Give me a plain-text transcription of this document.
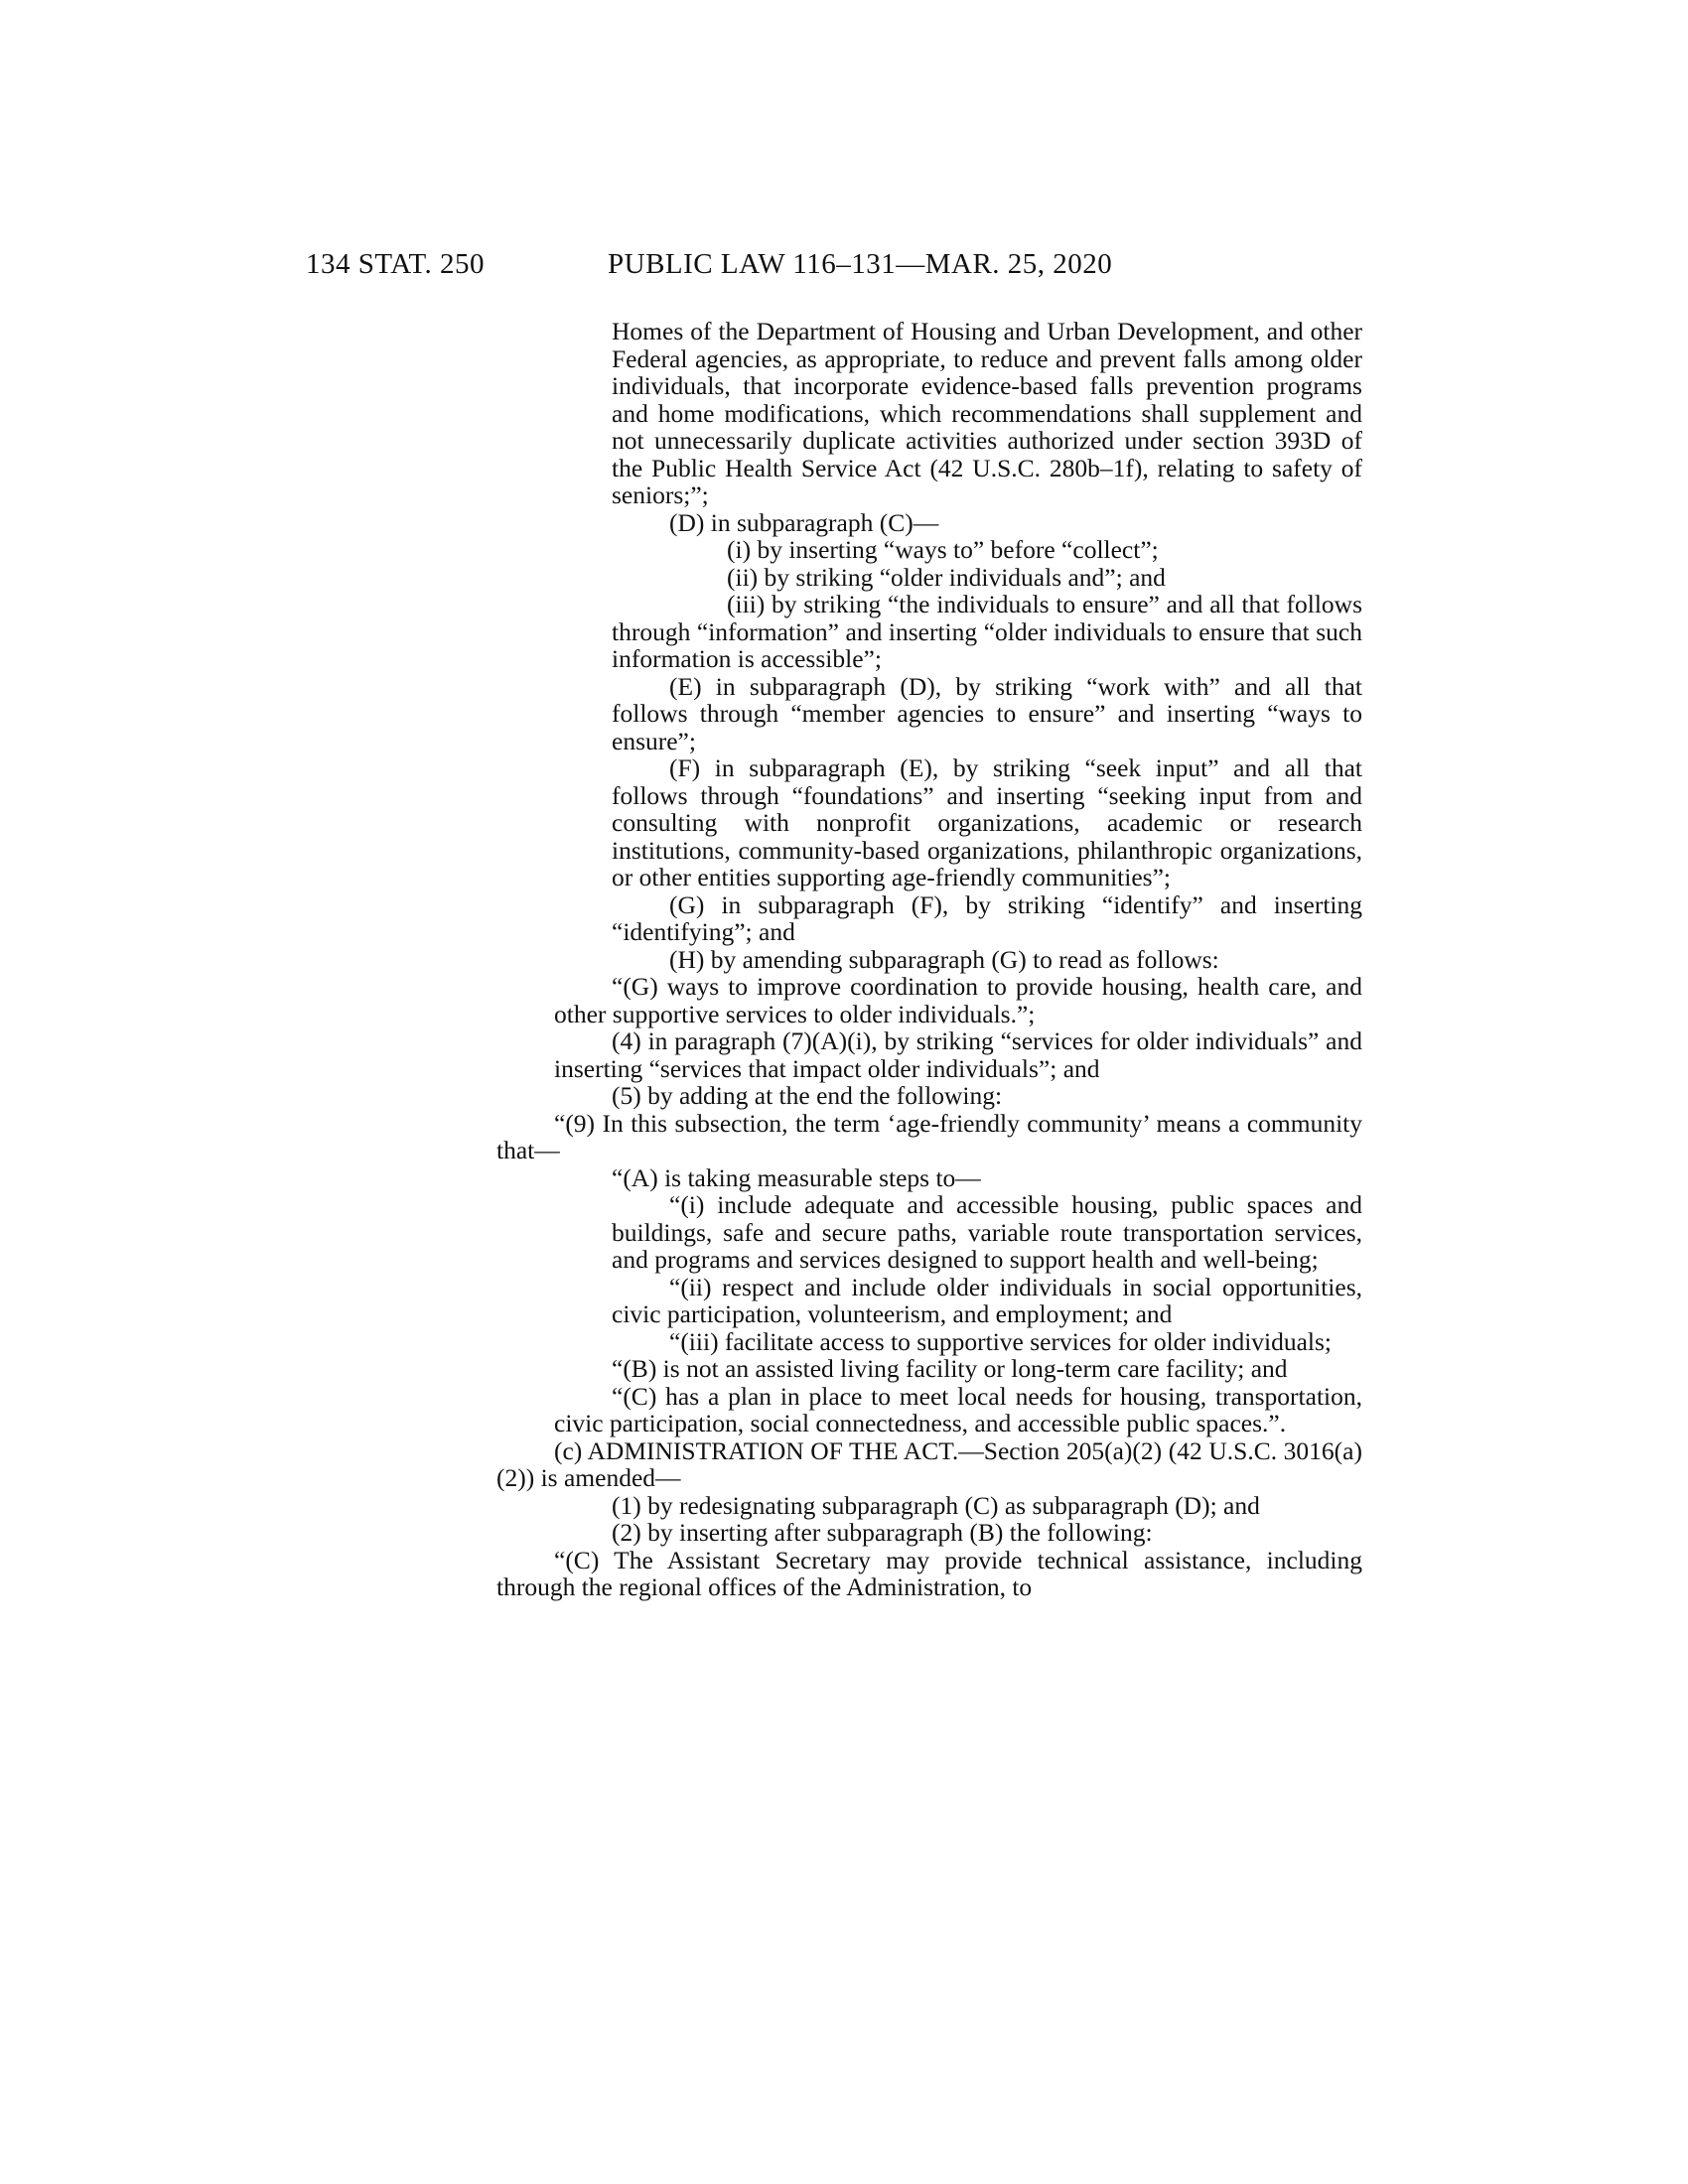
134 STAT. 250	PUBLIC LAW 116–131—MAR. 25, 2020

Homes of the Department of Housing and Urban Development, and other Federal agencies, as appropriate, to reduce and prevent falls among older individuals, that incorporate evidence-based falls prevention programs and home modifications, which recommendations shall supplement and not unnecessarily duplicate activities authorized under section 393D of the Public Health Service Act (42 U.S.C. 280b–1f), relating to safety of seniors;”;

(D) in subparagraph (C)—

(i) by inserting “ways to” before “collect”;

(ii) by striking “older individuals and”; and

(iii) by striking “the individuals to ensure” and all that follows through “information” and inserting “older individuals to ensure that such information is accessible”;

(E) in subparagraph (D), by striking “work with” and all that follows through “member agencies to ensure” and inserting “ways to ensure”;

(F) in subparagraph (E), by striking “seek input” and all that follows through “foundations” and inserting “seeking input from and consulting with nonprofit organizations, academic or research institutions, community-based organizations, philanthropic organizations, or other entities supporting age-friendly communities”;

(G) in subparagraph (F), by striking “identify” and inserting “identifying”; and

(H) by amending subparagraph (G) to read as follows:

“(G) ways to improve coordination to provide housing, health care, and other supportive services to older individuals.”;

(4) in paragraph (7)(A)(i), by striking “services for older individuals” and inserting “services that impact older individuals”; and

(5) by adding at the end the following:

“(9) In this subsection, the term ‘age-friendly community’ means a community that—

“(A) is taking measurable steps to—

“(i) include adequate and accessible housing, public spaces and buildings, safe and secure paths, variable route transportation services, and programs and services designed to support health and well-being;

“(ii) respect and include older individuals in social opportunities, civic participation, volunteerism, and employment; and

“(iii) facilitate access to supportive services for older individuals;

“(B) is not an assisted living facility or long-term care facility; and

“(C) has a plan in place to meet local needs for housing, transportation, civic participation, social connectedness, and accessible public spaces.”.

(c) ADMINISTRATION OF THE ACT.—Section 205(a)(2) (42 U.S.C. 3016(a)(2)) is amended—

(1) by redesignating subparagraph (C) as subparagraph (D); and

(2) by inserting after subparagraph (B) the following:

“(C) The Assistant Secretary may provide technical assistance, including through the regional offices of the Administration, to
